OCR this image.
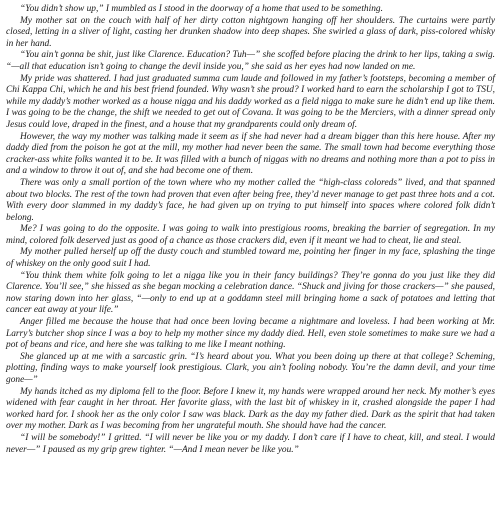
“You didn’t show up,” I mumbled as I stood in the doorway of a home that used to be something.

My mother sat on the couch with half of her dirty cotton nightgown hanging off her shoulders. The curtains were partly closed, letting in a sliver of light, casting her drunken shadow into deep shapes. She swirled a glass of dark, piss-colored whisky in her hand.

“You ain’t gonna be shit, just like Clarence. Education? Tuh—” she scoffed before placing the drink to her lips, taking a swig. “—all that education isn’t going to change the devil inside you,” she said as her eyes had now landed on me.

My pride was shattered. I had just graduated summa cum laude and followed in my father’s footsteps, becoming a member of Chi Kappa Chi, which he and his best friend founded. Why wasn’t she proud? I worked hard to earn the scholarship I got to TSU, while my daddy’s mother worked as a house nigga and his daddy worked as a field nigga to make sure he didn’t end up like them. I was going to be the change, the shift we needed to get out of Covana. It was going to be the Merciers, with a dinner spread only Jesus could love, draped in the finest, and a house that my grandparents could only dream of.

However, the way my mother was talking made it seem as if she had never had a dream bigger than this here house. After my daddy died from the poison he got at the mill, my mother had never been the same. The small town had become everything those cracker-ass white folks wanted it to be. It was filled with a bunch of niggas with no dreams and nothing more than a pot to piss in and a window to throw it out of, and she had become one of them.

There was only a small portion of the town where who my mother called the “high-class coloreds” lived, and that spanned about two blocks. The rest of the town had proven that even after being free, they’d never manage to get past three hots and a cot. With every door slammed in my daddy’s face, he had given up on trying to put himself into spaces where colored folk didn’t belong.

Me? I was going to do the opposite. I was going to walk into prestigious rooms, breaking the barrier of segregation. In my mind, colored folk deserved just as good of a chance as those crackers did, even if it meant we had to cheat, lie and steal.

My mother pulled herself up off the dusty couch and stumbled toward me, pointing her finger in my face, splashing the tinge of whiskey on the only good suit I had.

“You think them white folk going to let a nigga like you in their fancy buildings? They’re gonna do you just like they did Clarence. You’ll see,” she hissed as she began mocking a celebration dance. “Shuck and jiving for those crackers—” she paused, now staring down into her glass, “—only to end up at a goddamn steel mill bringing home a sack of potatoes and letting that cancer eat away at your life.”

Anger filled me because the house that had once been loving became a nightmare and loveless. I had been working at Mr. Larry’s butcher shop since I was a boy to help my mother since my daddy died. Hell, even stole sometimes to make sure we had a pot of beans and rice, and here she was talking to me like I meant nothing.

She glanced up at me with a sarcastic grin. “I’s heard about you. What you been doing up there at that college? Scheming, plotting, finding ways to make yourself look prestigious. Clark, you ain’t fooling nobody. You’re the damn devil, and your time gone—”

My hands itched as my diploma fell to the floor. Before I knew it, my hands were wrapped around her neck. My mother’s eyes widened with fear caught in her throat. Her favorite glass, with the last bit of whiskey in it, crashed alongside the paper I had worked hard for. I shook her as the only color I saw was black. Dark as the day my father died. Dark as the spirit that had taken over my mother. Dark as I was becoming from her ungrateful mouth. She should have had the cancer.

“I will be somebody!” I gritted. “I will never be like you or my daddy. I don’t care if I have to cheat, kill, and steal. I would never—” I paused as my grip grew tighter. “—And I mean never be like you.”
